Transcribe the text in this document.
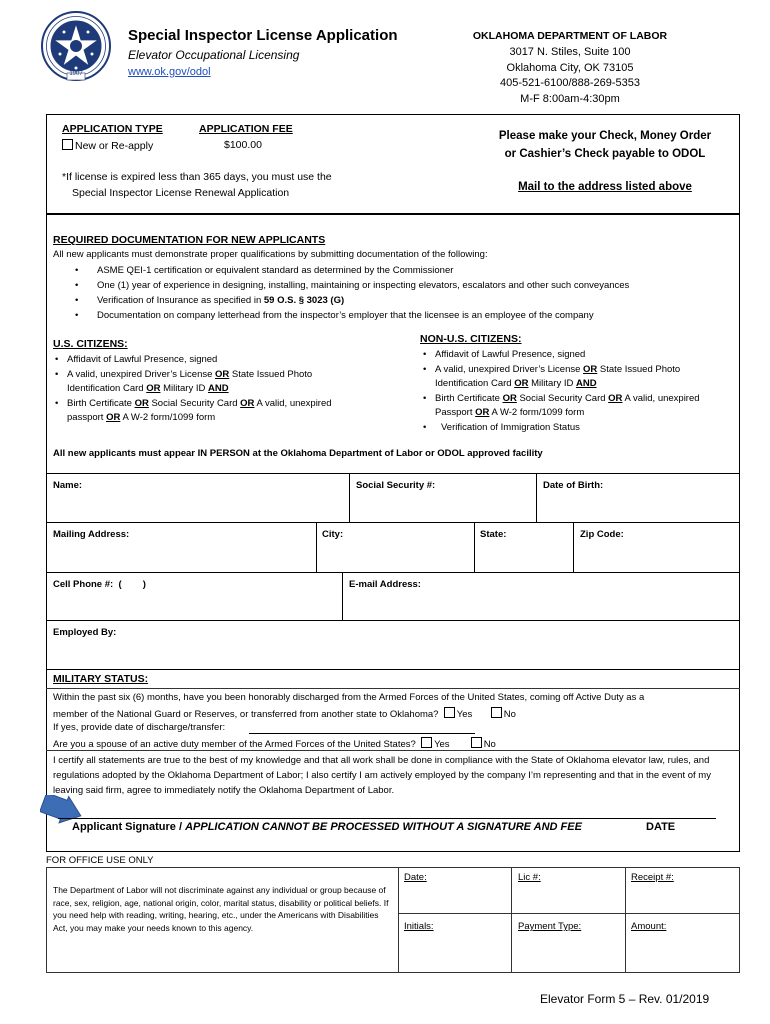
1907
Special Inspector License Application
Elevator Occupational Licensing
www.ok.gov/odol
OKLAHOMA DEPARTMENT OF LABOR
3017 N. Stiles, Suite 100
Oklahoma City, OK 73105
405-521-6100/888-269-5353
M-F 8:00am-4:30pm
APPLICATION TYPE
New or Re-apply
APPLICATION FEE
$100.00
*If license is expired less than 365 days, you must use the
Special Inspector License Renewal Application
Please make your Check, Money Order
or Cashier’s Check payable to ODOL
Mail to the address listed above
REQUIRED DOCUMENTATION FOR NEW APPLICANTS
All new applicants must demonstrate proper qualifications by submitting documentation of the following:
• ASME QEI-1 certification or equivalent standard as determined by the Commissioner
• One (1) year of experience in designing, installing, maintaining or inspecting elevators, escalators and other such conveyances
• Verification of Insurance as specified in 59 O.S. § 3023 (G)
• Documentation on company letterhead from the inspector’s employer that the licensee is an employee of the company
U.S. CITIZENS:
• Affidavit of Lawful Presence, signed
• A valid, unexpired Driver’s License OR State Issued Photo
Identification Card OR Military ID AND
• Birth Certificate OR Social Security Card OR A valid, unexpired
passport OR A W-2 form/1099 form
NON-U.S. CITIZENS:
• Affidavit of Lawful Presence, signed
• A valid, unexpired Driver’s License OR State Issued Photo
Identification Card OR Military ID AND
• Birth Certificate OR Social Security Card OR A valid, unexpired
Passport OR A W-2 form/1099 form
• Verification of Immigration Status
All new applicants must appear IN PERSON at the Oklahoma Department of Labor or ODOL approved facility
Name:	Social Security #:	Date of Birth:
Mailing Address:	City:	State:	Zip Code:
Cell Phone #:  (        )	E-mail Address:
Employed By:
MILITARY STATUS:
Within the past six (6) months, have you been honorably discharged from the Armed Forces of the United States, coming off Active Duty as a
member of the National Guard or Reserves, or transferred from another state to Oklahoma? Yes	No
If yes, provide date of discharge/transfer:
Are you a spouse of an active duty member of the Armed Forces of the United States? Yes	No
I certify all statements are true to the best of my knowledge and that all work shall be done in compliance with the State of Oklahoma elevator law, rules, and regulations adopted by the Oklahoma Department of Labor; I also certify I am actively employed by the company I’m representing and that in the event of my leaving said firm, agree to immediately notify the Oklahoma Department of Labor.
Applicant Signature / APPLICATION CANNOT BE PROCESSED WITHOUT A SIGNATURE AND FEE	DATE
FOR OFFICE USE ONLY
The Department of Labor will not discriminate against any individual or group because of race, sex, religion, age, national origin, color, marital status, disability or political beliefs. If you need help with reading, writing, hearing, etc., under the Americans with Disabilities Act, you may make your needs known to this agency.
Date:	Lic #:	Receipt #:
Initials:	Payment Type:	Amount:
Elevator Form 5 – Rev. 01/2019
